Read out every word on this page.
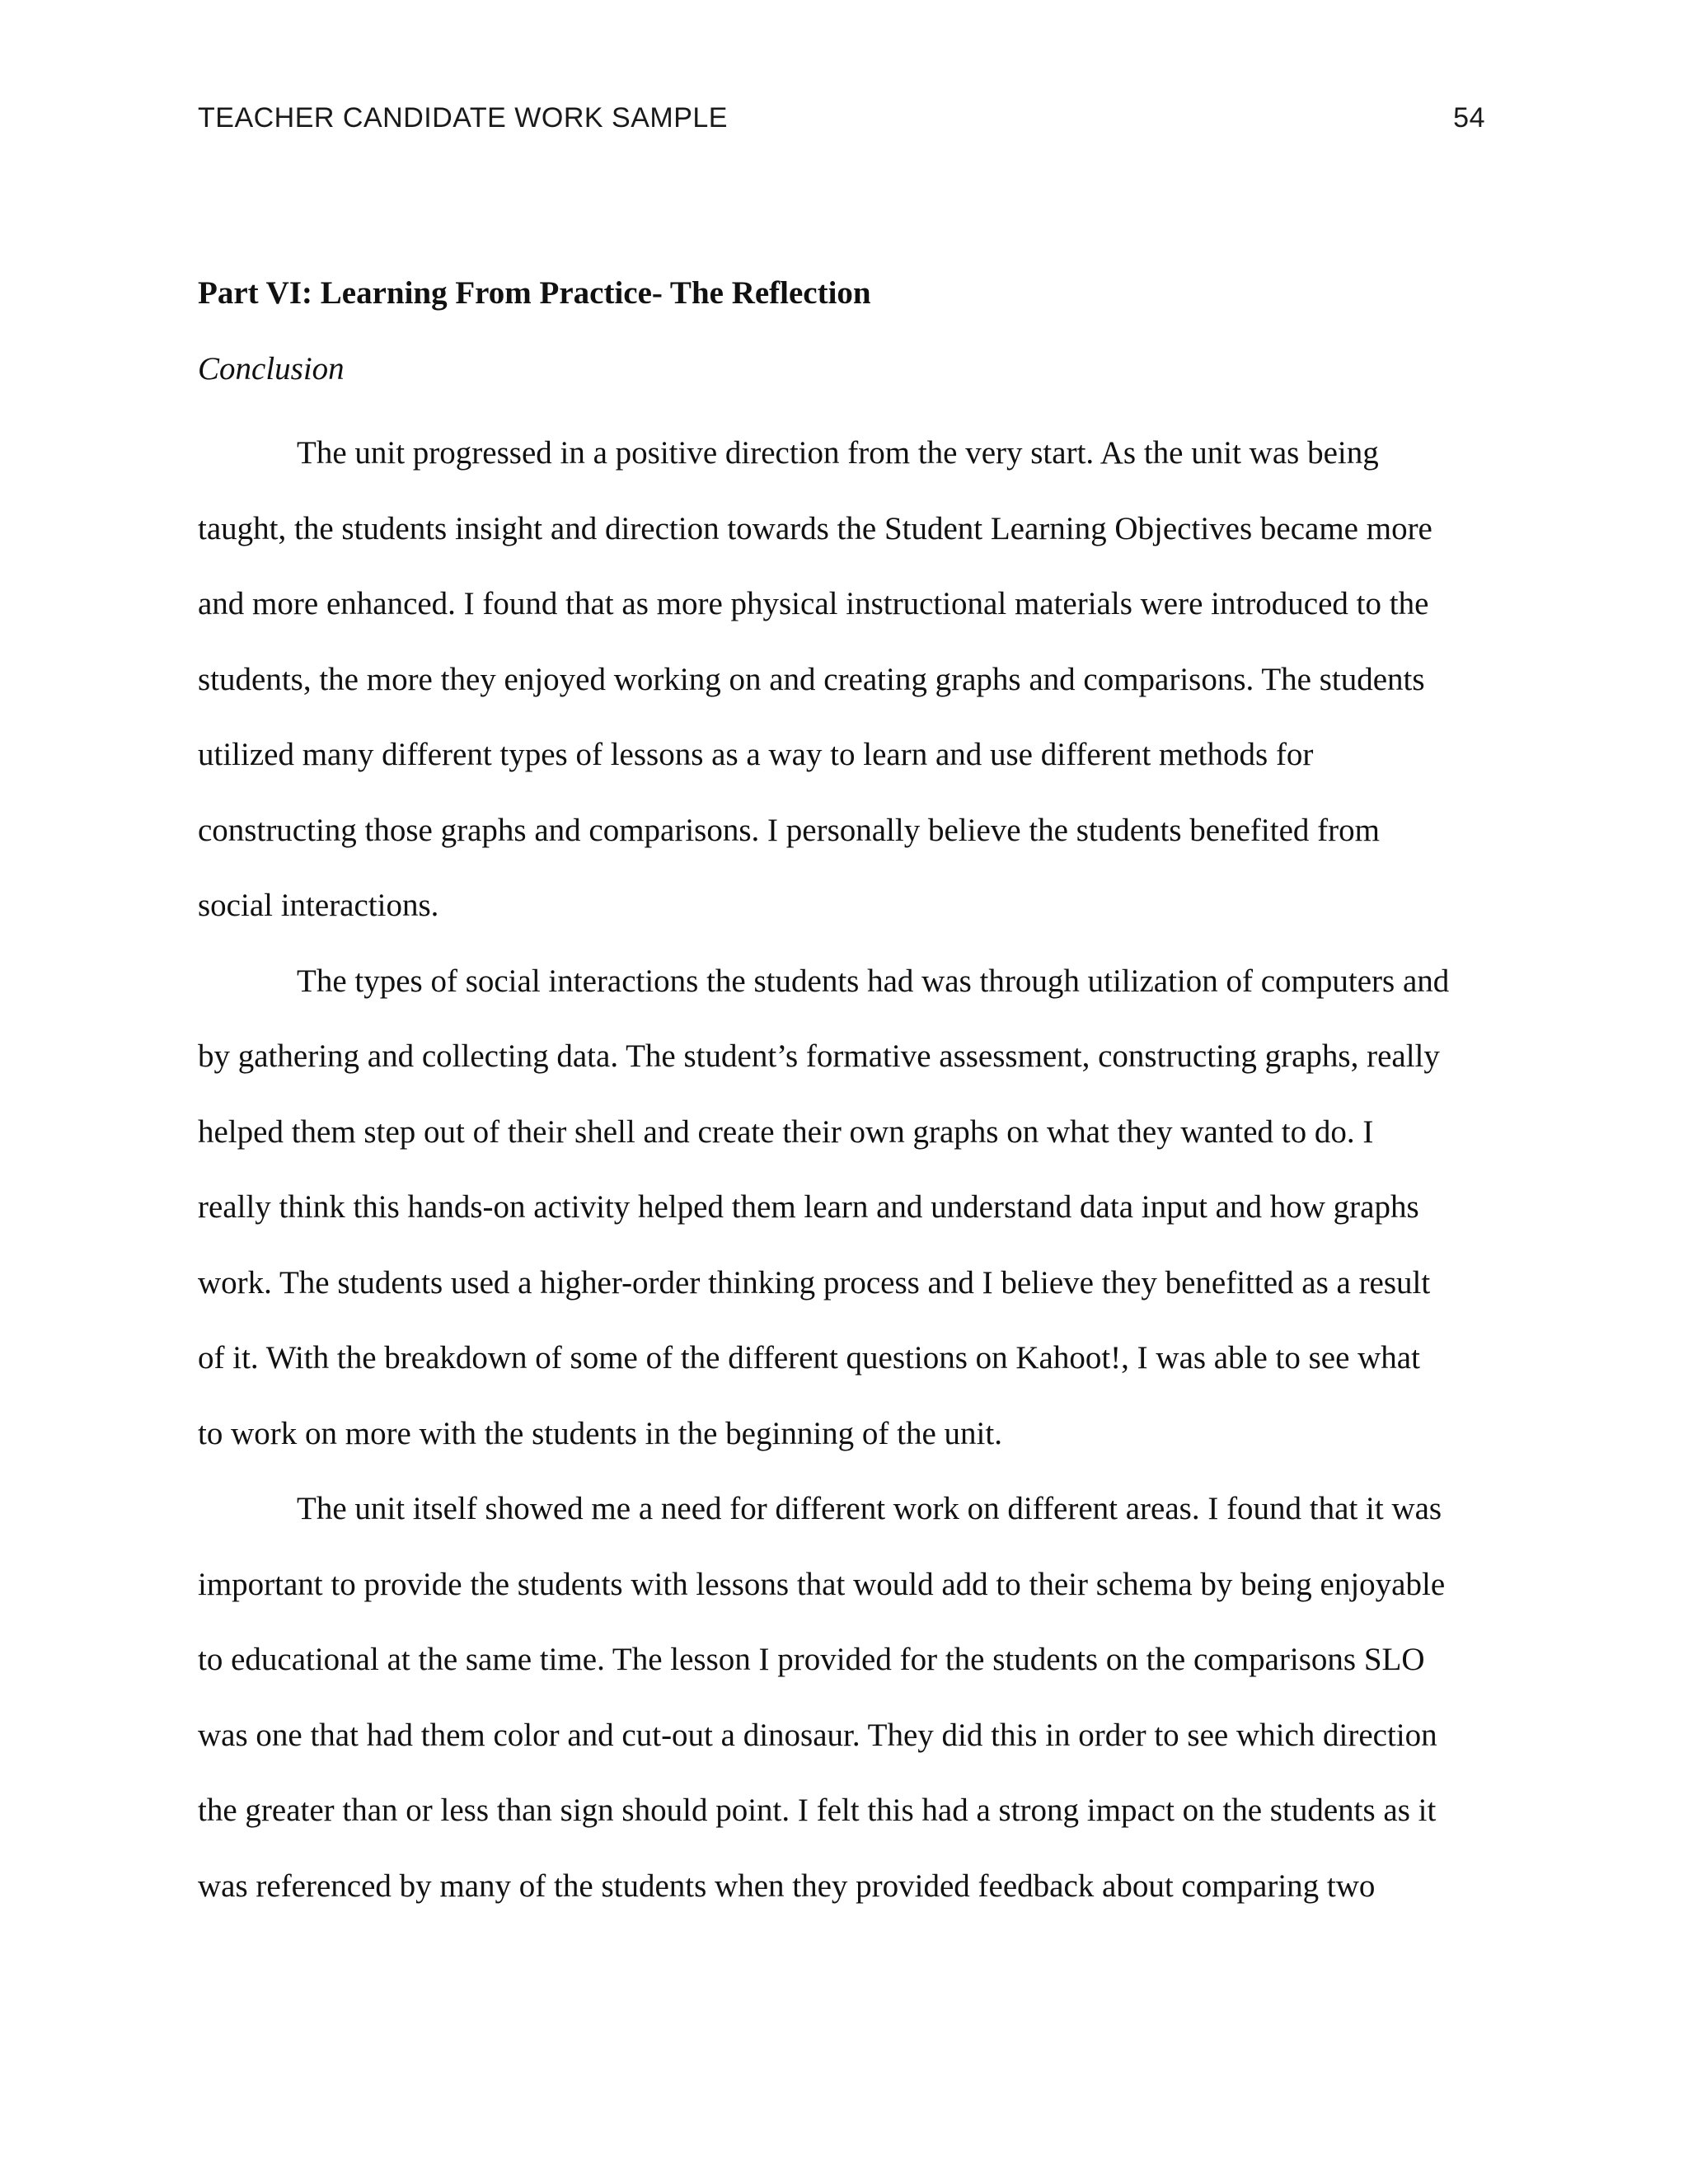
TEACHER CANDIDATE WORK SAMPLE	54

Part VI: Learning From Practice- The Reflection

Conclusion

The unit progressed in a positive direction from the very start. As the unit was being
taught, the students insight and direction towards the Student Learning Objectives became more
and more enhanced. I found that as more physical instructional materials were introduced to the
students, the more they enjoyed working on and creating graphs and comparisons. The students
utilized many different types of lessons as a way to learn and use different methods for
constructing those graphs and comparisons. I personally believe the students benefited from
social interactions.
The types of social interactions the students had was through utilization of computers and
by gathering and collecting data. The student’s formative assessment, constructing graphs, really
helped them step out of their shell and create their own graphs on what they wanted to do. I
really think this hands-on activity helped them learn and understand data input and how graphs
work. The students used a higher-order thinking process and I believe they benefitted as a result
of it. With the breakdown of some of the different questions on Kahoot!, I was able to see what
to work on more with the students in the beginning of the unit.
The unit itself showed me a need for different work on different areas. I found that it was
important to provide the students with lessons that would add to their schema by being enjoyable
to educational at the same time. The lesson I provided for the students on the comparisons SLO
was one that had them color and cut-out a dinosaur. They did this in order to see which direction
the greater than or less than sign should point. I felt this had a strong impact on the students as it
was referenced by many of the students when they provided feedback about comparing two
